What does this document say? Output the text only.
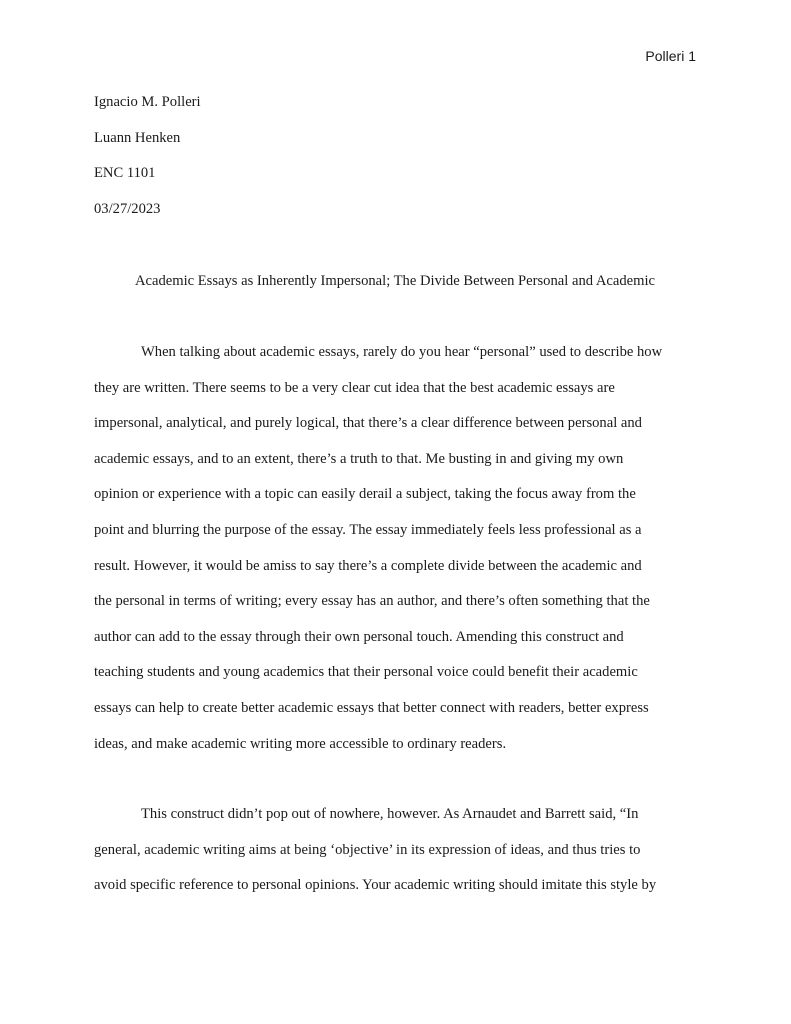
Polleri 1
Ignacio M. Polleri
Luann Henken
ENC 1101
03/27/2023
Academic Essays as Inherently Impersonal; The Divide Between Personal and Academic
When talking about academic essays, rarely do you hear “personal” used to describe how
they are written. There seems to be a very clear cut idea that the best academic essays are
impersonal, analytical, and purely logical, that there’s a clear difference between personal and
academic essays, and to an extent, there’s a truth to that. Me busting in and giving my own
opinion or experience with a topic can easily derail a subject, taking the focus away from the
point and blurring the purpose of the essay. The essay immediately feels less professional as a
result. However, it would be amiss to say there’s a complete divide between the academic and
the personal in terms of writing; every essay has an author, and there’s often something that the
author can add to the essay through their own personal touch. Amending this construct and
teaching students and young academics that their personal voice could benefit their academic
essays can help to create better academic essays that better connect with readers, better express
ideas, and make academic writing more accessible to ordinary readers.
This construct didn’t pop out of nowhere, however. As Arnaudet and Barrett said, “In
general, academic writing aims at being ‘objective’ in its expression of ideas, and thus tries to
avoid specific reference to personal opinions. Your academic writing should imitate this style by
